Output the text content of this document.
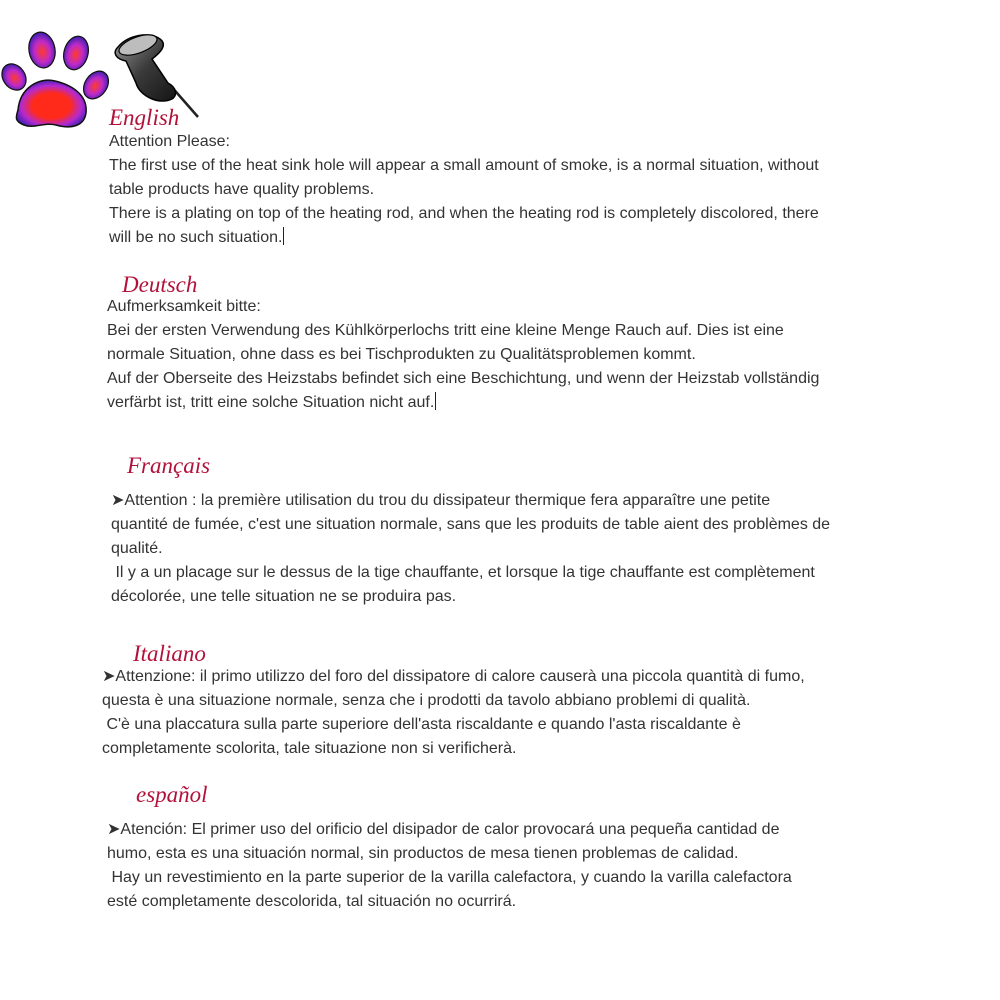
English
Attention Please:
The first use of the heat sink hole will appear a small amount of smoke, is a normal situation, without
table products have quality problems.
There is a plating on top of the heating rod, and when the heating rod is completely discolored, there
will be no such situation.
Deutsch
Aufmerksamkeit bitte:
Bei der ersten Verwendung des Kühlkörperlochs tritt eine kleine Menge Rauch auf. Dies ist eine
normale Situation, ohne dass es bei Tischprodukten zu Qualitätsproblemen kommt.
Auf der Oberseite des Heizstabs befindet sich eine Beschichtung, und wenn der Heizstab vollständig
verfärbt ist, tritt eine solche Situation nicht auf.
Français
➤Attention : la première utilisation du trou du dissipateur thermique fera apparaître une petite
quantité de fumée, c'est une situation normale, sans que les produits de table aient des problèmes de
qualité.
Il y a un placage sur le dessus de la tige chauffante, et lorsque la tige chauffante est complètement
décolorée, une telle situation ne se produira pas.
Italiano
➤Attenzione: il primo utilizzo del foro del dissipatore di calore causerà una piccola quantità di fumo,
questa è una situazione normale, senza che i prodotti da tavolo abbiano problemi di qualità.
C'è una placcatura sulla parte superiore dell'asta riscaldante e quando l'asta riscaldante è
completamente scolorita, tale situazione non si verificherà.
español
➤Atención: El primer uso del orificio del disipador de calor provocará una pequeña cantidad de
humo, esta es una situación normal, sin productos de mesa tienen problemas de calidad.
Hay un revestimiento en la parte superior de la varilla calefactora, y cuando la varilla calefactora
esté completamente descolorida, tal situación no ocurrirá.
